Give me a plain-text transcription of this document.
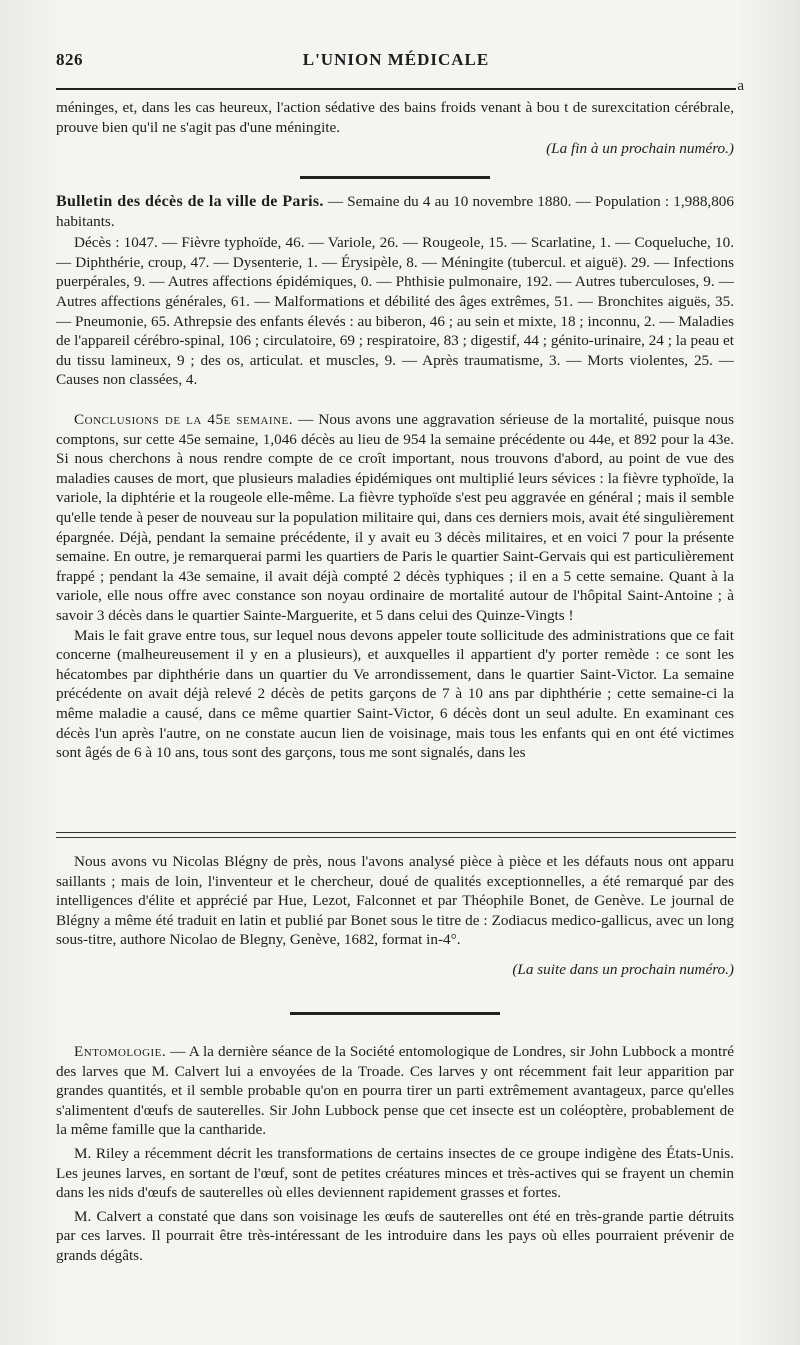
826	L'UNION MÉDICALE
a

méninges, et, dans les cas heureux, l'action sédative des bains froids venant à bou t de surexcitation cérébrale, prouve bien qu'il ne s'agit pas d'une méningite.

(La fin à un prochain numéro.)

Bulletin des décès de la ville de Paris. — Semaine du 4 au 10 novembre 1880. — Population : 1,988,806 habitants.

Décès : 1047. — Fièvre typhoïde, 46. — Variole, 26. — Rougeole, 15. — Scarlatine, 1. — Coqueluche, 10. — Diphthérie, croup, 47. — Dysenterie, 1. — Érysipèle, 8. — Méningite (tubercul. et aiguë). 29. — Infections puerpérales, 9. — Autres affections épidémiques, 0. — Phthisie pulmonaire, 192. — Autres tuberculoses, 9. — Autres affections générales, 61. — Malformations et débilité des âges extrêmes, 51. — Bronchites aiguës, 35. — Pneumonie, 65. Athrepsie des enfants élevés : au biberon, 46 ; au sein et mixte, 18 ; inconnu, 2. — Maladies de l'appareil cérébro-spinal, 106 ; circulatoire, 69 ; respiratoire, 83 ; digestif, 44 ; génito-urinaire, 24 ; la peau et du tissu lamineux, 9 ; des os, articulat. et muscles, 9. — Après traumatisme, 3. — Morts violentes, 25. — Causes non classées, 4.

Conclusions de la 45e semaine. — Nous avons une aggravation sérieuse de la mortalité, puisque nous comptons, sur cette 45e semaine, 1,046 décès au lieu de 954 la semaine précédente ou 44e, et 892 pour la 43e. Si nous cherchons à nous rendre compte de ce croît important, nous trouvons d'abord, au point de vue des maladies causes de mort, que plusieurs maladies épidémiques ont multiplié leurs sévices : la fièvre typhoïde, la variole, la diphtérie et la rougeole elle-même. La fièvre typhoïde s'est peu aggravée en général ; mais il semble qu'elle tende à peser de nouveau sur la population militaire qui, dans ces derniers mois, avait été singulièrement épargnée. Déjà, pendant la semaine précédente, il y avait eu 3 décès militaires, et en voici 7 pour la présente semaine. En outre, je remarquerai parmi les quartiers de Paris le quartier Saint-Gervais qui est particulièrement frappé ; pendant la 43e semaine, il avait déjà compté 2 décès typhiques ; il en a 5 cette semaine. Quant à la variole, elle nous offre avec constance son noyau ordinaire de mortalité autour de l'hôpital Saint-Antoine ; à savoir 3 décès dans le quartier Sainte-Marguerite, et 5 dans celui des Quinze-Vingts !

Mais le fait grave entre tous, sur lequel nous devons appeler toute sollicitude des administrations que ce fait concerne (malheureusement il y en a plusieurs), et auxquelles il appartient d'y porter remède : ce sont les hécatombes par diphthérie dans un quartier du Ve arrondissement, dans le quartier Saint-Victor. La semaine précédente on avait déjà relevé 2 décès de petits garçons de 7 à 10 ans par diphthérie ; cette semaine-ci la même maladie a causé, dans ce même quartier Saint-Victor, 6 décès dont un seul adulte. En examinant ces décès l'un après l'autre, on ne constate aucun lien de voisinage, mais tous les enfants qui en ont été victimes sont âgés de 6 à 10 ans, tous sont des garçons, tous me sont signalés, dans les

Nous avons vu Nicolas Blégny de près, nous l'avons analysé pièce à pièce et les défauts nous ont apparu saillants ; mais de loin, l'inventeur et le chercheur, doué de qualités exceptionnelles, a été remarqué par des intelligences d'élite et apprécié par Hue, Lezot, Falconnet et par Théophile Bonet, de Genève. Le journal de Blégny a même été traduit en latin et publié par Bonet sous le titre de : Zodiacus medico-gallicus, avec un long sous-titre, authore Nicolao de Blegny, Genève, 1682, format in-4°.

(La suite dans un prochain numéro.)

Entomologie. — A la dernière séance de la Société entomologique de Londres, sir John Lubbock a montré des larves que M. Calvert lui a envoyées de la Troade. Ces larves y ont récemment fait leur apparition par grandes quantités, et il semble probable qu'on en pourra tirer un parti extrêmement avantageux, parce qu'elles s'alimentent d'œufs de sauterelles. Sir John Lubbock pense que cet insecte est un coléoptère, probablement de la même famille que la cantharide.

M. Riley a récemment décrit les transformations de certains insectes de ce groupe indigène des États-Unis. Les jeunes larves, en sortant de l'œuf, sont de petites créatures minces et très-actives qui se frayent un chemin dans les nids d'œufs de sauterelles où elles deviennent rapidement grasses et fortes.

M. Calvert a constaté que dans son voisinage les œufs de sauterelles ont été en très-grande partie détruits par ces larves. Il pourrait être très-intéressant de les introduire dans les pays où elles pourraient prévenir de grands dégâts.
